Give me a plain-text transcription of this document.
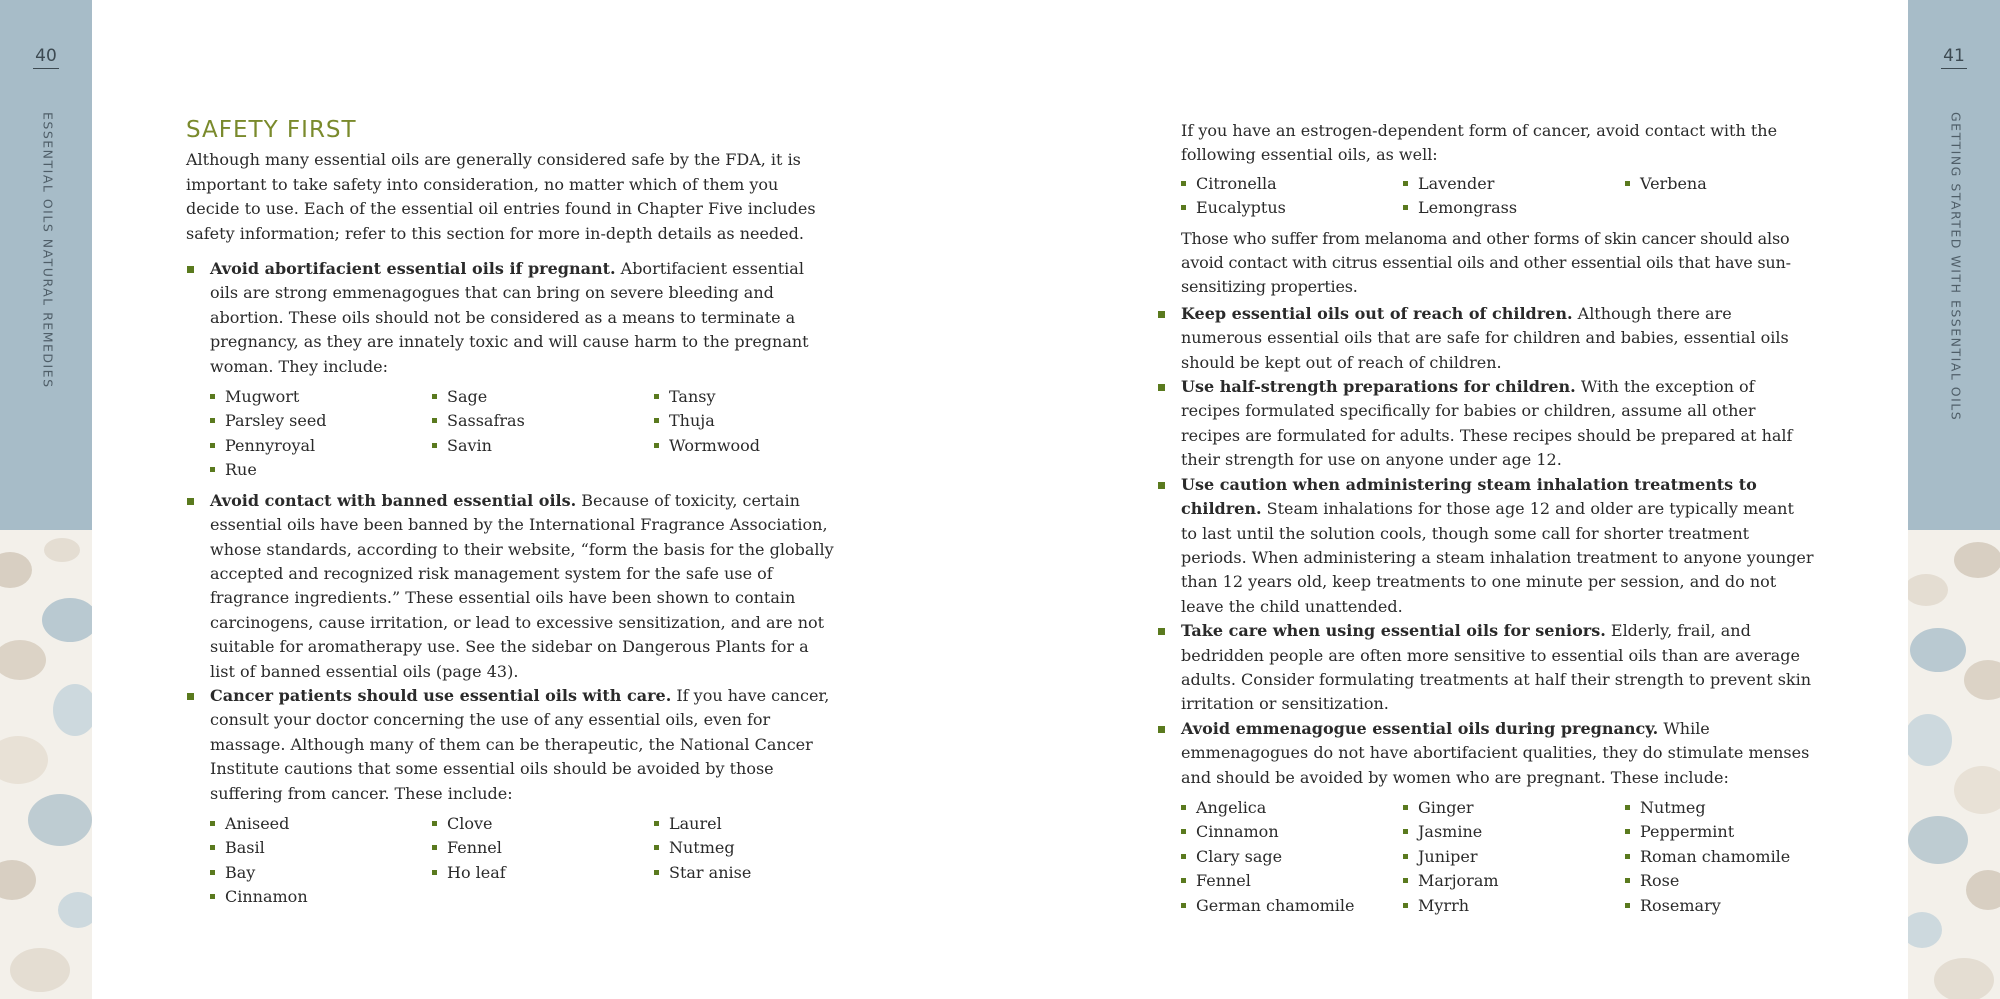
40
ESSENTIAL OILS NATURAL REMEDIES
41
GETTING STARTED WITH ESSENTIAL OILS
SAFETY FIRST

Although many essential oils are generally considered safe by the FDA, it is important to take safety into consideration, no matter which of them you decide to use. Each of the essential oil entries found in Chapter Five includes safety information; refer to this section for more in-depth details as needed.

Avoid abortifacient essential oils if pregnant. Abortifacient essential oils are strong emmenagogues that can bring on severe bleeding and abortion. These oils should not be considered as a means to terminate a pregnancy, as they are innately toxic and will cause harm to the pregnant woman. They include:
Mugwort	Sage	Tansy
Parsley seed	Sassafras	Thuja
Pennyroyal	Savin	Wormwood
Rue
Avoid contact with banned essential oils. Because of toxicity, certain essential oils have been banned by the International Fragrance Association, whose standards, according to their website, “form the basis for the globally accepted and recognized risk management system for the safe use of fragrance ingredients.” These essential oils have been shown to contain carcinogens, cause irritation, or lead to excessive sensitization, and are not suitable for aromatherapy use. See the sidebar on Dangerous Plants for a list of banned essential oils (page 43).
Cancer patients should use essential oils with care. If you have cancer, consult your doctor concerning the use of any essential oils, even for massage. Although many of them can be therapeutic, the National Cancer Institute cautions that some essential oils should be avoided by those suffering from cancer. These include:
Aniseed	Clove	Laurel
Basil	Fennel	Nutmeg
Bay	Ho leaf	Star anise
Cinnamon

If you have an estrogen-dependent form of cancer, avoid contact with the following essential oils, as well:

Citronella	Lavender	Verbena
Eucalyptus	Lemongrass

Those who suffer from melanoma and other forms of skin cancer should also avoid contact with citrus essential oils and other essential oils that have sun-sensitizing properties.

Keep essential oils out of reach of children. Although there are numerous essential oils that are safe for children and babies, essential oils should be kept out of reach of children.
Use half-strength preparations for children. With the exception of recipes formulated specifically for babies or children, assume all other recipes are formulated for adults. These recipes should be prepared at half their strength for use on anyone under age 12.
Use caution when administering steam inhalation treatments to children. Steam inhalations for those age 12 and older are typically meant to last until the solution cools, though some call for shorter treatment periods. When administering a steam inhalation treatment to anyone younger than 12 years old, keep treatments to one minute per session, and do not leave the child unattended.
Take care when using essential oils for seniors. Elderly, frail, and bedridden people are often more sensitive to essential oils than are average adults. Consider formulating treatments at half their strength to prevent skin irritation or sensitization.
Avoid emmenagogue essential oils during pregnancy. While emmenagogues do not have abortifacient qualities, they do stimulate menses and should be avoided by women who are pregnant. These include:
Angelica	Ginger	Nutmeg
Cinnamon	Jasmine	Peppermint
Clary sage	Juniper	Roman chamomile
Fennel	Marjoram	Rose
German chamomile	Myrrh	Rosemary
